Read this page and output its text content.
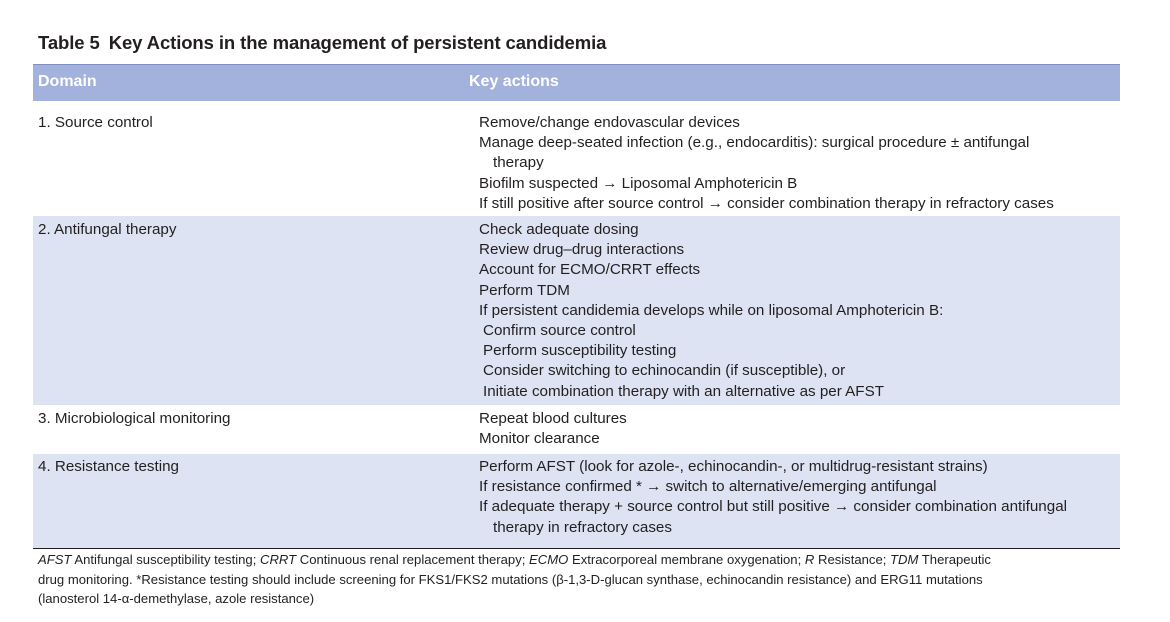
Table 5 Key Actions in the management of persistent candidemia
Domain	Key actions
1. Source control	Remove/change endovascular devices
Manage deep-seated infection (e.g., endocarditis): surgical procedure ± antifungal
therapy
Biofilm suspected → Liposomal Amphotericin B
If still positive after source control → consider combination therapy in refractory cases
2. Antifungal therapy	Check adequate dosing
Review drug–drug interactions
Account for ECMO/CRRT effects
Perform TDM
If persistent candidemia develops while on liposomal Amphotericin B:
Confirm source control
Perform susceptibility testing
Consider switching to echinocandin (if susceptible), or
Initiate combination therapy with an alternative as per AFST
3. Microbiological monitoring	Repeat blood cultures
Monitor clearance
4. Resistance testing	Perform AFST (look for azole-, echinocandin-, or multidrug-resistant strains)
If resistance confirmed * → switch to alternative/emerging antifungal
If adequate therapy + source control but still positive → consider combination antifungal
therapy in refractory cases
AFST Antifungal susceptibility testing; CRRT Continuous renal replacement therapy; ECMO Extracorporeal membrane oxygenation; R Resistance; TDM Therapeutic
drug monitoring. *Resistance testing should include screening for FKS1/FKS2 mutations (β-1,3-D-glucan synthase, echinocandin resistance) and ERG11 mutations
(lanosterol 14-α-demethylase, azole resistance)
